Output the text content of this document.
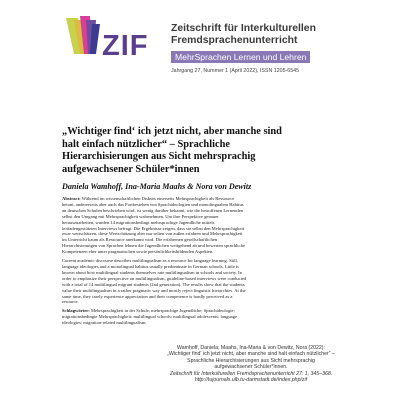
ZIF
Zeitschrift für Interkulturellen
Fremdsprachenunterricht
MehrSprachen Lernen und Lehren
Jahrgang 27, Nummer 1 (April 2022), ISSN 1205-6545
„Wichtiger find‘ ich jetzt nicht, aber manche sind
halt einfach nützlicher“ – Sprachliche
Hierarchisierungen aus Sicht mehrsprachig
aufgewachsener Schüler*innen
Daniela Wamhoff, Ina-Maria Maahs & Nora von Dewitz
Abstract: Während im wissenschaftlichen Diskurs einerseits Mehrsprachigkeit als Ressource
betont, andererseits aber auch das Fortbestehen von Sprachideologien und monolingualem Habitus
an deutschen Schulen beschrieben wird, ist wenig darüber bekannt, wie die betroffenen Lernenden
selbst den Umgang mit Mehrsprachigkeit wahrnehmen. Um ihre Perspektive genauer
herauszuarbeiten, wurden 14 migrationsbedingt mehrsprachige Jugendliche mittels
leitfadengestützten Interviews befragt. Die Ergebnisse zeigen, dass sie selbst den Mehrsprachigkeit
zwar wertschätzen, diese Wertschätzung aber nur selten von außen erfahren und Mehrsprachigkeit
im Unterricht kaum als Ressource anerkannt wird. Die erfahrenen gesellschaftlichen
Hierarchisierungen von Sprachen lehnen die Jugendlichen weitgehend ab und bewerten sprachliche
Kompetenzen eher unter pragmatischen sowie persönlichkeitsbildenden Aspekten.
Current academic discourse describes multilingualism as a resource for language learning. Still,
language ideologies and a monolingual habitus usually predominate in German schools. Little is
known about how multilingual students themselves rate multilingualism in schools and society. In
order to emphasize their perspective on multilingualism, guideline-based interviews were conducted
with a total of 14 multilingual migrant students (2nd generation). The results show that the students
value their multilingualism in a rather pragmatic way and mostly reject linguistic hierarchies. At the
same time, they rarely experience appreciation and their competence is hardly perceived as a
resource.
Schlagwörter: Mehrsprachigkeit in der Schule; mehrsprachige Jugendliche; Sprachideologie;
migrationsbedingte Mehrsprachigkeit; multilingual schools; multilingual adolescents; language
ideologies; migration-related multilingualism.
Wamhoff, Daniela; Maahs, Ina-Maria & von Dewitz, Nora (2022):
„Wichtiger find‘ ich jetzt nicht, aber manche sind halt einfach nützlicher“ –
Sprachliche Hierarchisierungen aus Sicht mehrsprachig
aufgewachsener Schüler*innen.
Zeitschrift für Interkulturellen Fremdsprachenunterricht 27: 1, 345–368.
http://tujournals.ulb.tu-darmstadt.de/index.php/zif
